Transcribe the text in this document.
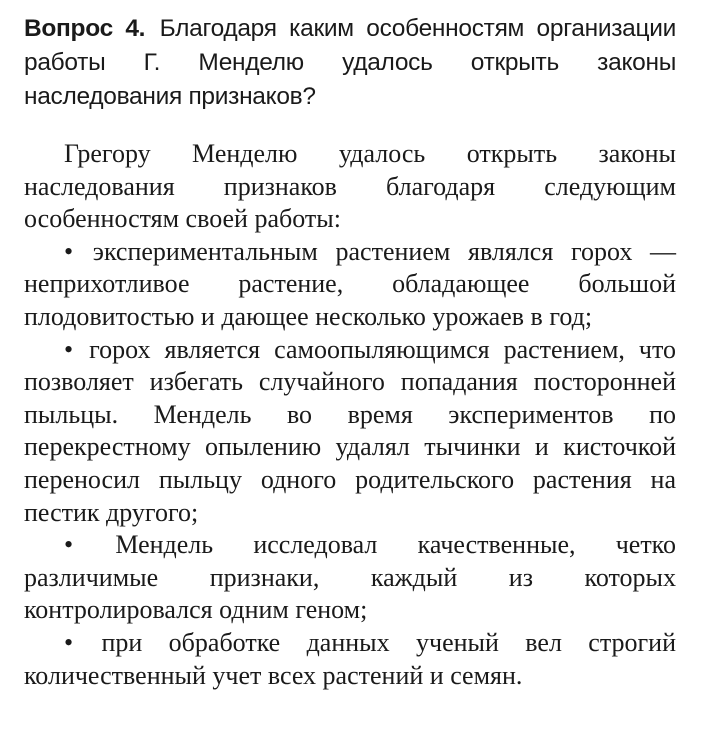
Вопрос 4. Благодаря каким особенностям организации работы Г. Менделю удалось открыть законы наследования признаков?

Грегору Менделю удалось открыть законы наследования признаков благодаря следующим особенностям своей работы:

• экспериментальным растением являлся горох — неприхотливое растение, обладающее большой плодовитостью и дающее несколько урожаев в год;

• горох является самоопыляющимся растением, что позволяет избегать случайного попадания посторонней пыльцы. Мендель во время экспериментов по перекрестному опылению удалял тычинки и кисточкой переносил пыльцу одного родительского растения на пестик другого;

• Мендель исследовал качественные, четко различимые признаки, каждый из которых контролировался одним геном;

• при обработке данных ученый вел строгий количественный учет всех растений и семян.
